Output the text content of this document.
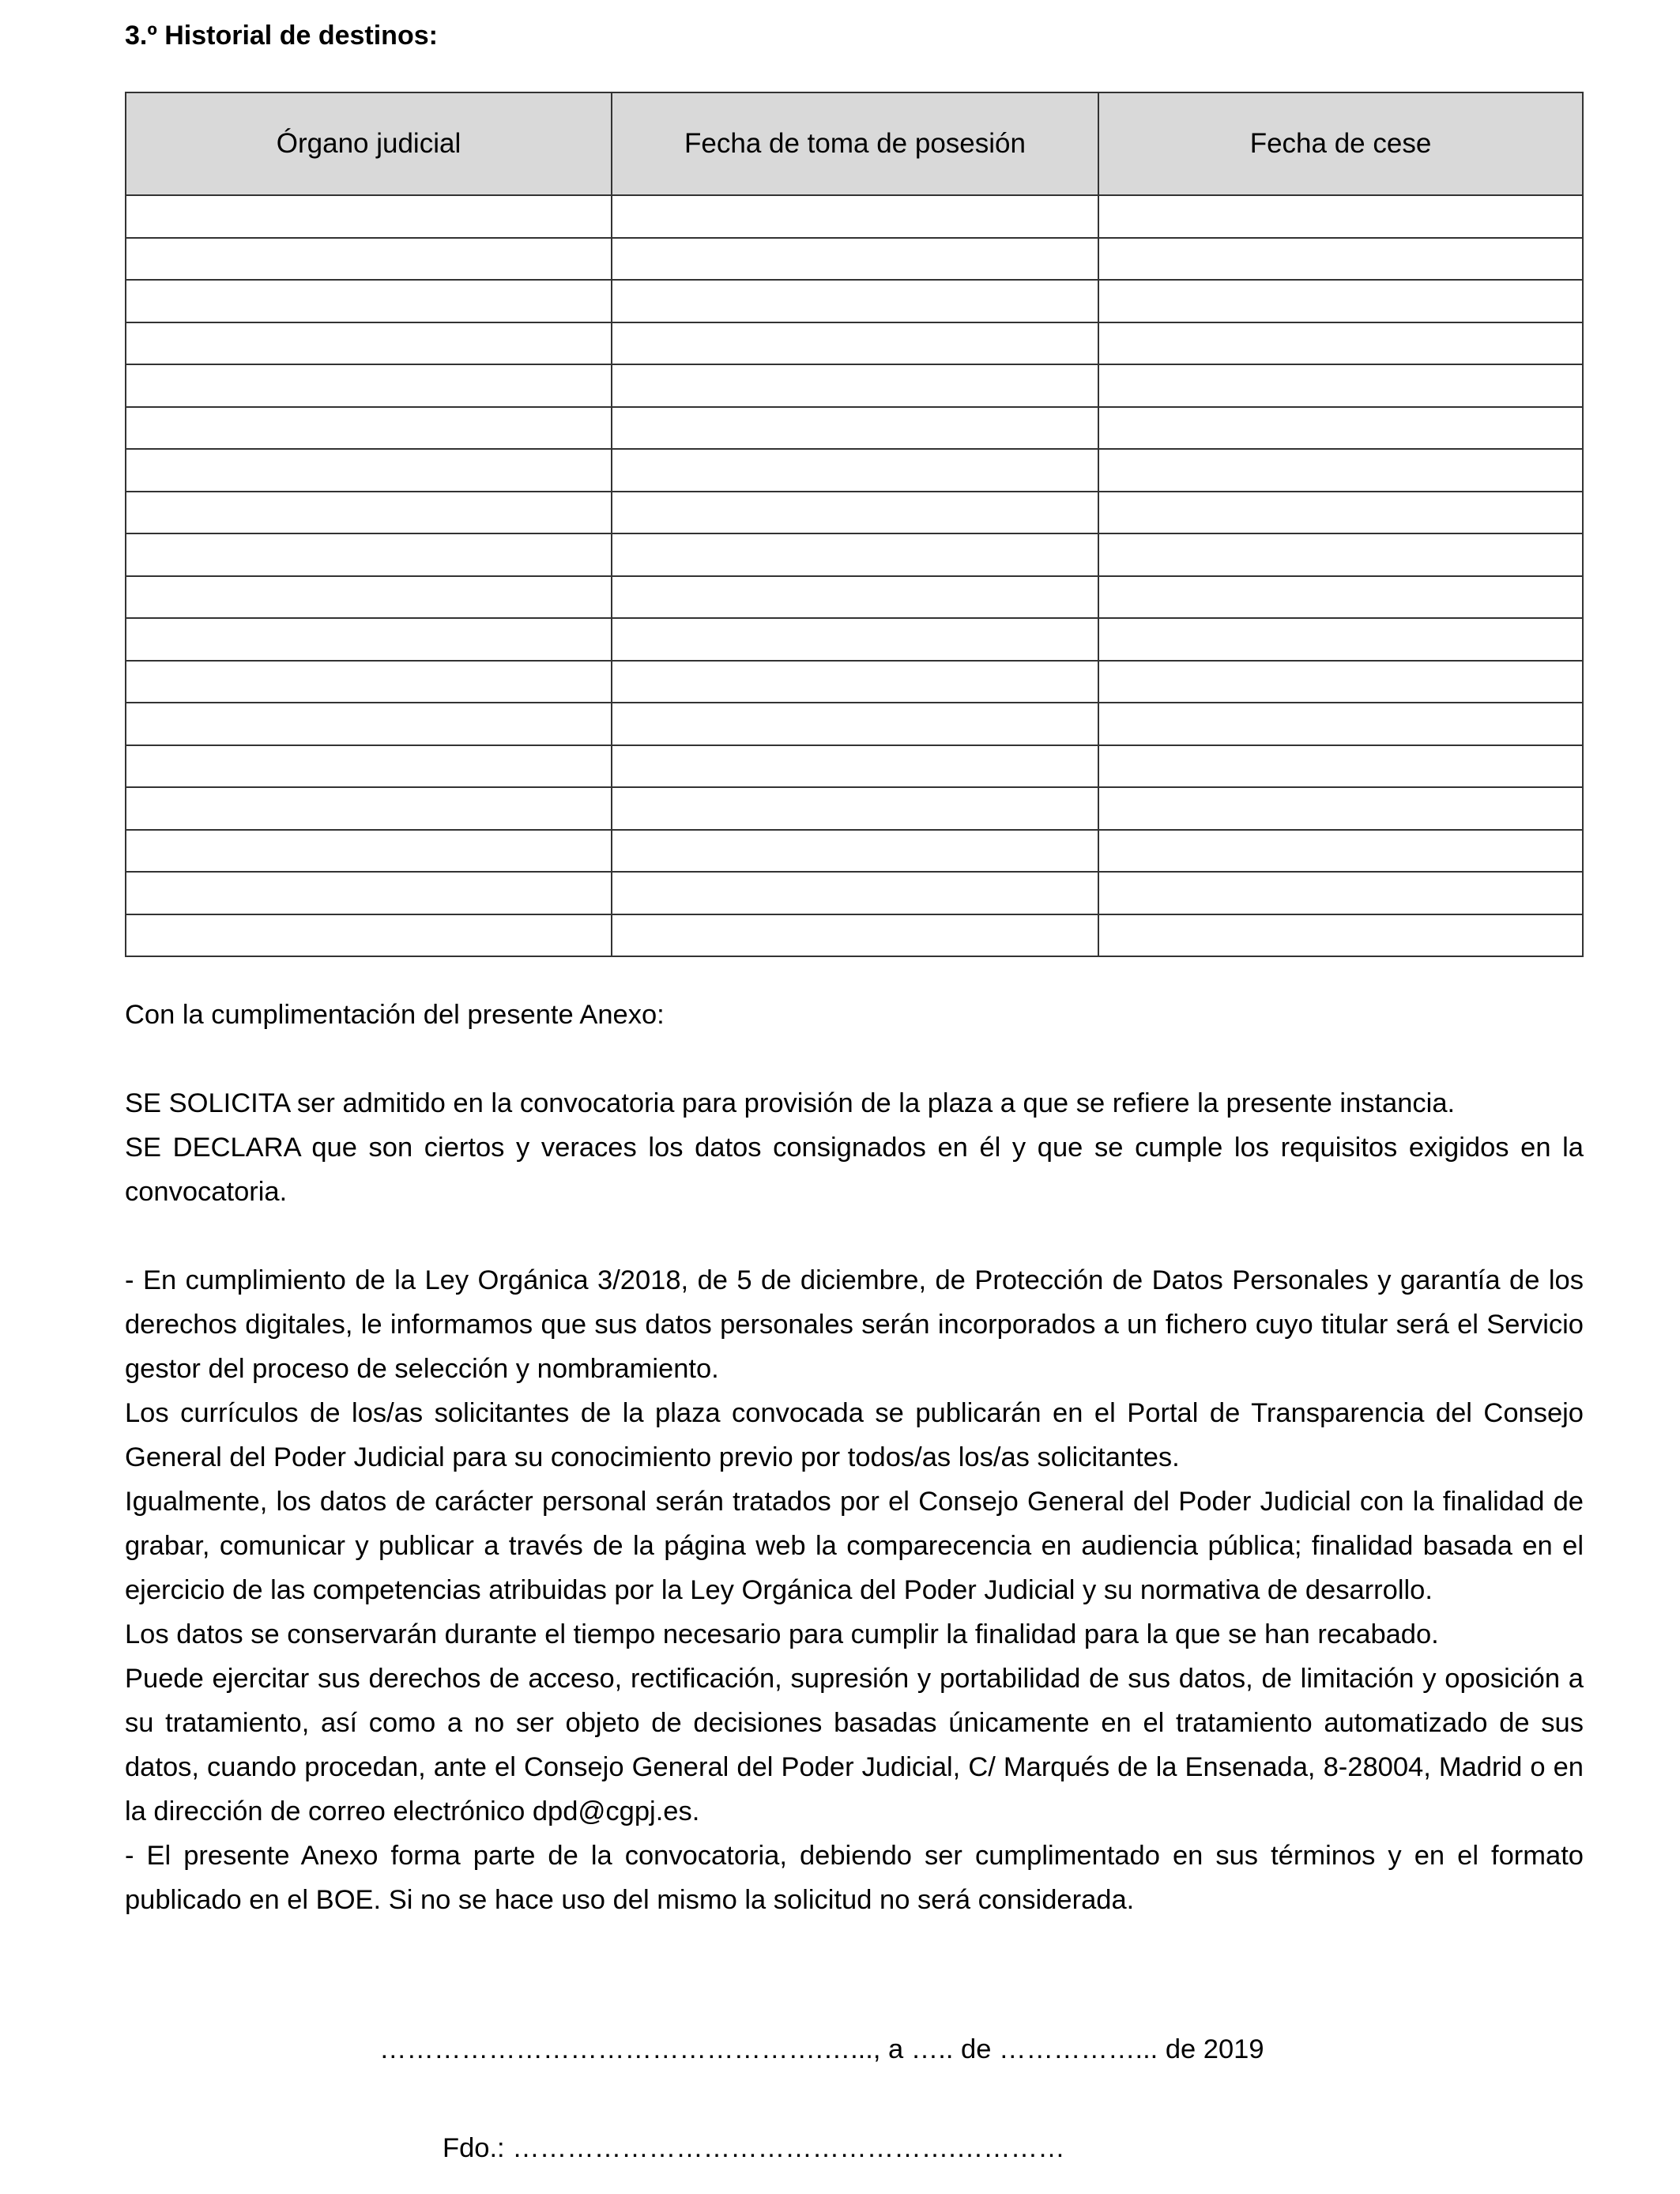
3.º Historial de destinos:
Órgano judicial	Fecha de toma de posesión	Fecha de cese

Con la cumplimentación del presente Anexo:

SE SOLICITA ser admitido en la convocatoria para provisión de la plaza a que se refiere la presente instancia.

SE DECLARA que son ciertos y veraces los datos consignados en él y que se cumple los requisitos exigidos en la convocatoria.

- En cumplimiento de la Ley Orgánica 3/2018, de 5 de diciembre, de Protección de Datos Personales y garantía de los derechos digitales, le informamos que sus datos personales serán incorporados a un fichero cuyo titular será el Servicio gestor del proceso de selección y nombramiento.

Los currículos de los/as solicitantes de la plaza convocada se publicarán en el Portal de Transparencia del Consejo General del Poder Judicial para su conocimiento previo por todos/as los/as solicitantes.

Igualmente, los datos de carácter personal serán tratados por el Consejo General del Poder Judicial con la finalidad de grabar, comunicar y publicar a través de la página web la comparecencia en audiencia pública; finalidad basada en el ejercicio de las competencias atribuidas por la Ley Orgánica del Poder Judicial y su normativa de desarrollo.

Los datos se conservarán durante el tiempo necesario para cumplir la finalidad para la que se han recabado.

Puede ejercitar sus derechos de acceso, rectificación, supresión y portabilidad de sus datos, de limitación y oposición a su tratamiento, así como a no ser objeto de decisiones basadas únicamente en el tratamiento automatizado de sus datos, cuando procedan, ante el Consejo General del Poder Judicial, C/ Marqués de la Ensenada, 8-28004, Madrid o en la dirección de correo electrónico dpd@cgpj.es.

- El presente Anexo forma parte de la convocatoria, debiendo ser cumplimentado en sus términos y en el formato publicado en el BOE. Si no se hace uso del mismo la solicitud no será considerada.

………………………………………….…..., a ….. de ……………... de 2019
Fdo.: ………………………………………….…………
